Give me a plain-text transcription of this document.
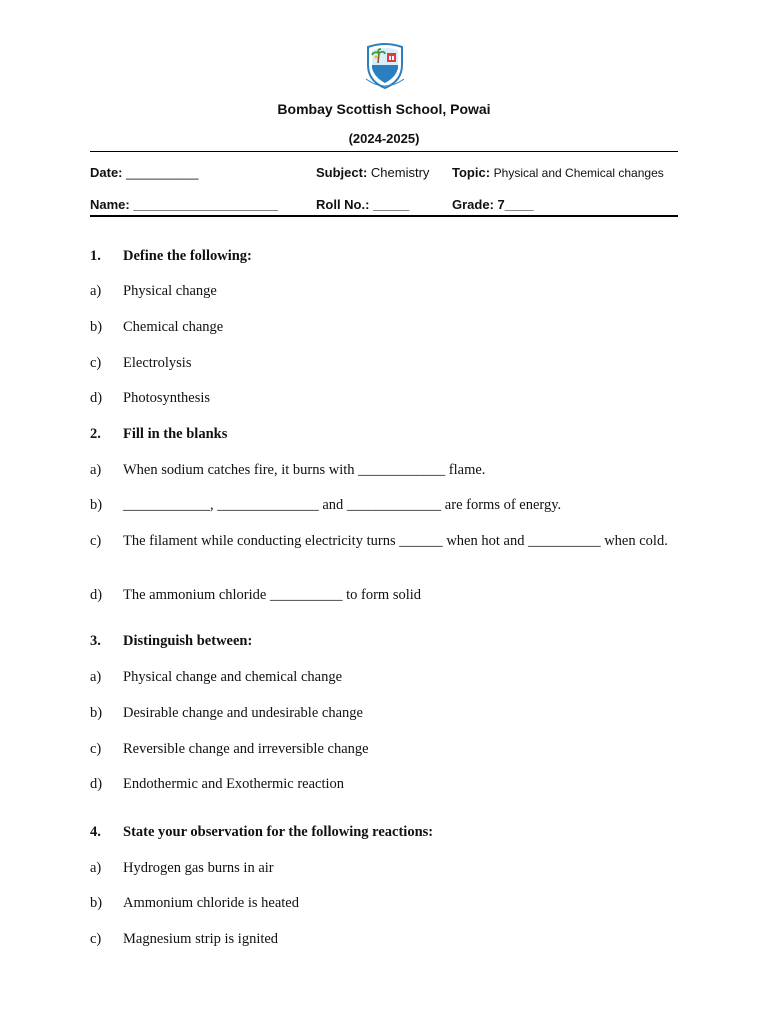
Bombay Scottish School, Powai
(2024-2025)
Date: __________	Subject: Chemistry Topic: Physical and Chemical changes
Name: ____________________	Roll No.: _____	Grade: 7____
1. Define the following:
a) Physical change
b) Chemical change
c) Electrolysis
d) Photosynthesis
2. Fill in the blanks
a) When sodium catches fire, it burns with ____________ flame.
b) ____________, ______________ and _____________ are forms of energy.
c) The filament while conducting electricity turns ______ when hot and __________ when cold.
d) The ammonium chloride __________ to form solid
3. Distinguish between:
a) Physical change and chemical change
b) Desirable change and undesirable change
c) Reversible change and irreversible change
d) Endothermic and Exothermic reaction
4. State your observation for the following reactions:
a) Hydrogen gas burns in air
b) Ammonium chloride is heated
c) Magnesium strip is ignited
